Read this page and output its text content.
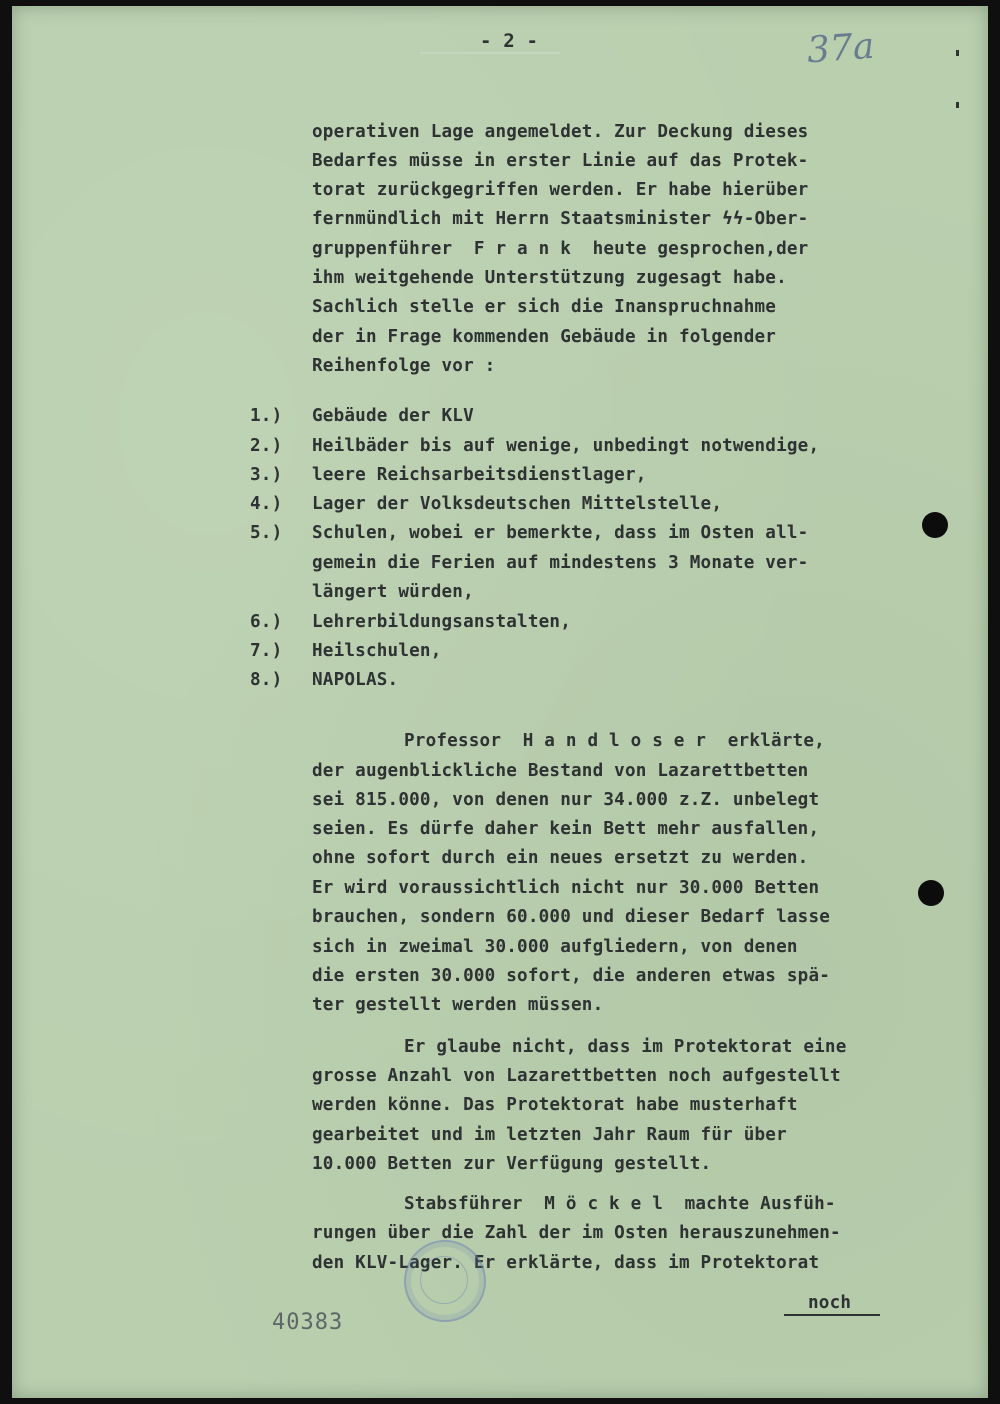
- 2 -	37a

operativen Lage angemeldet. Zur Deckung dieses

Bedarfes müsse in erster Linie auf das Protek-

torat zurückgegriffen werden. Er habe hierüber

fernmündlich mit Herrn Staatsminister ϟϟ-Ober-

gruppenführer  F r a n k  heute gesprochen,der

ihm weitgehende Unterstützung zugesagt habe.

Sachlich stelle er sich die Inanspruchnahme

der in Frage kommenden Gebäude in folgender

Reihenfolge vor :

1.) Gebäude der KLV

2.) Heilbäder bis auf wenige, unbedingt notwendige,

3.) leere Reichsarbeitsdienstlager,

4.) Lager der Volksdeutschen Mittelstelle,

5.) Schulen, wobei er bemerkte, dass im Osten all-

gemein die Ferien auf mindestens 3 Monate ver-

längert würden,

6.) Lehrerbildungsanstalten,

7.) Heilschulen,

8.) NAPOLAS.

Professor  H a n d l o s e r  erklärte,

der augenblickliche Bestand von Lazarettbetten

sei 815.000, von denen nur 34.000 z.Z. unbelegt

seien. Es dürfe daher kein Bett mehr ausfallen,

ohne sofort durch ein neues ersetzt zu werden.

Er wird voraussichtlich nicht nur 30.000 Betten

brauchen, sondern 60.000 und dieser Bedarf lasse

sich in zweimal 30.000 aufgliedern, von denen

die ersten 30.000 sofort, die anderen etwas spä-

ter gestellt werden müssen.

Er glaube nicht, dass im Protektorat eine

grosse Anzahl von Lazarettbetten noch aufgestellt

werden könne. Das Protektorat habe musterhaft

gearbeitet und im letzten Jahr Raum für über

10.000 Betten zur Verfügung gestellt.

Stabsführer  M ö c k e l  machte Ausfüh-

rungen über die Zahl der im Osten herauszunehmen-

den KLV-Lager. Er erklärte, dass im Protektorat

40383

noch
